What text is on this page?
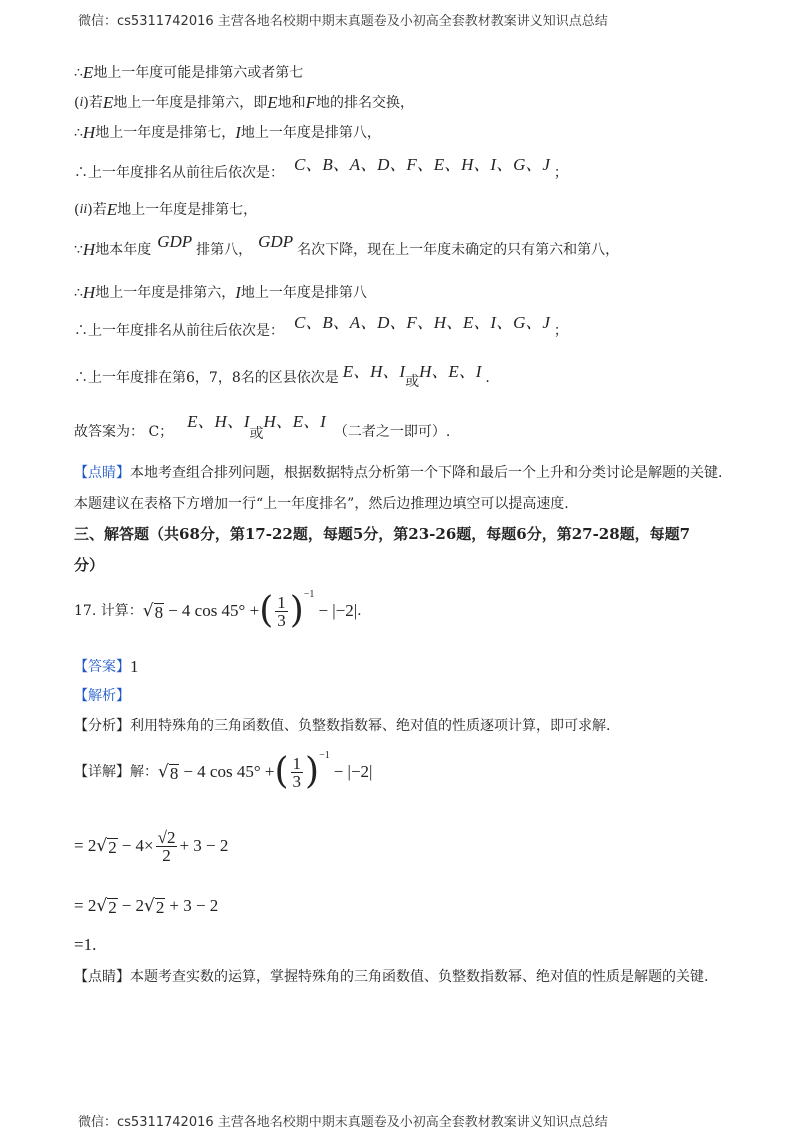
微信：cs5311742016 主营各地名校期中期末真题卷及小初高全套教材教案讲义知识点总结
∴ E 地上一年度可能是排第六或者第七
( i )若 E 地上一年度是排第六，即 E 地和 F 地的排名交换，
∴ H 地上一年度是排第七， I 地上一年度是排第八，
∴上一年度排名从前往后依次是： C、B、A、D、F、E、H、I、G、J ；
( ii )若 E 地上一年度是排第七，
∵ H 地本年度 GDP 排第八， GDP 名次下降，现在上一年度未确定的只有第六和第八，
∴ H 地上一年度是排第六， I 地上一年度是排第八
∴上一年度排名从前往后依次是： C、B、A、D、F、H、E、I、G、J ；
∴上一年度排在第6，7，8名的区县依次是 E、H、I
或
H、E、I .
故答案为： C；
E、H、I
或
H、E、I
（二者之一即可）.
【点睛】 本地考查组合排列问题，根据数据特点分析第一个下降和最后一个上升和分类讨论是解题的关键.
本题建议在表格下方增加一行“上一年度排名”，然后边推理边填空可以提高速度.
三、解答题（共68分，第17-22题，每题5分，第23-26题，每题6分，第27-28题，每题7
分）
17. 计算： √ 8 − 4 cos 45° + ( $\frac{1}{3}$ ) −1
− |−2| .
【答案】 1
【解析】
【分析】 利用特殊角的三角函数值、负整数指数幂、绝对值的性质逐项计算，即可求解.
【详解】 解： √ 8 − 4 cos 45° + ( $\frac{1}{3}$ ) −1
− |−2|
= 2 √ $2 - 4\times \frac{√2}{2} + 3 - 2$
= 2 √ 2 − 2 √ 2 + 3 − 2
=1.
【点睛】 本题考查实数的运算，掌握特殊角的三角函数值、负整数指数幂、绝对值的性质是解题的关键.
微信：cs5311742016 主营各地名校期中期末真题卷及小初高全套教材教案讲义知识点总结
